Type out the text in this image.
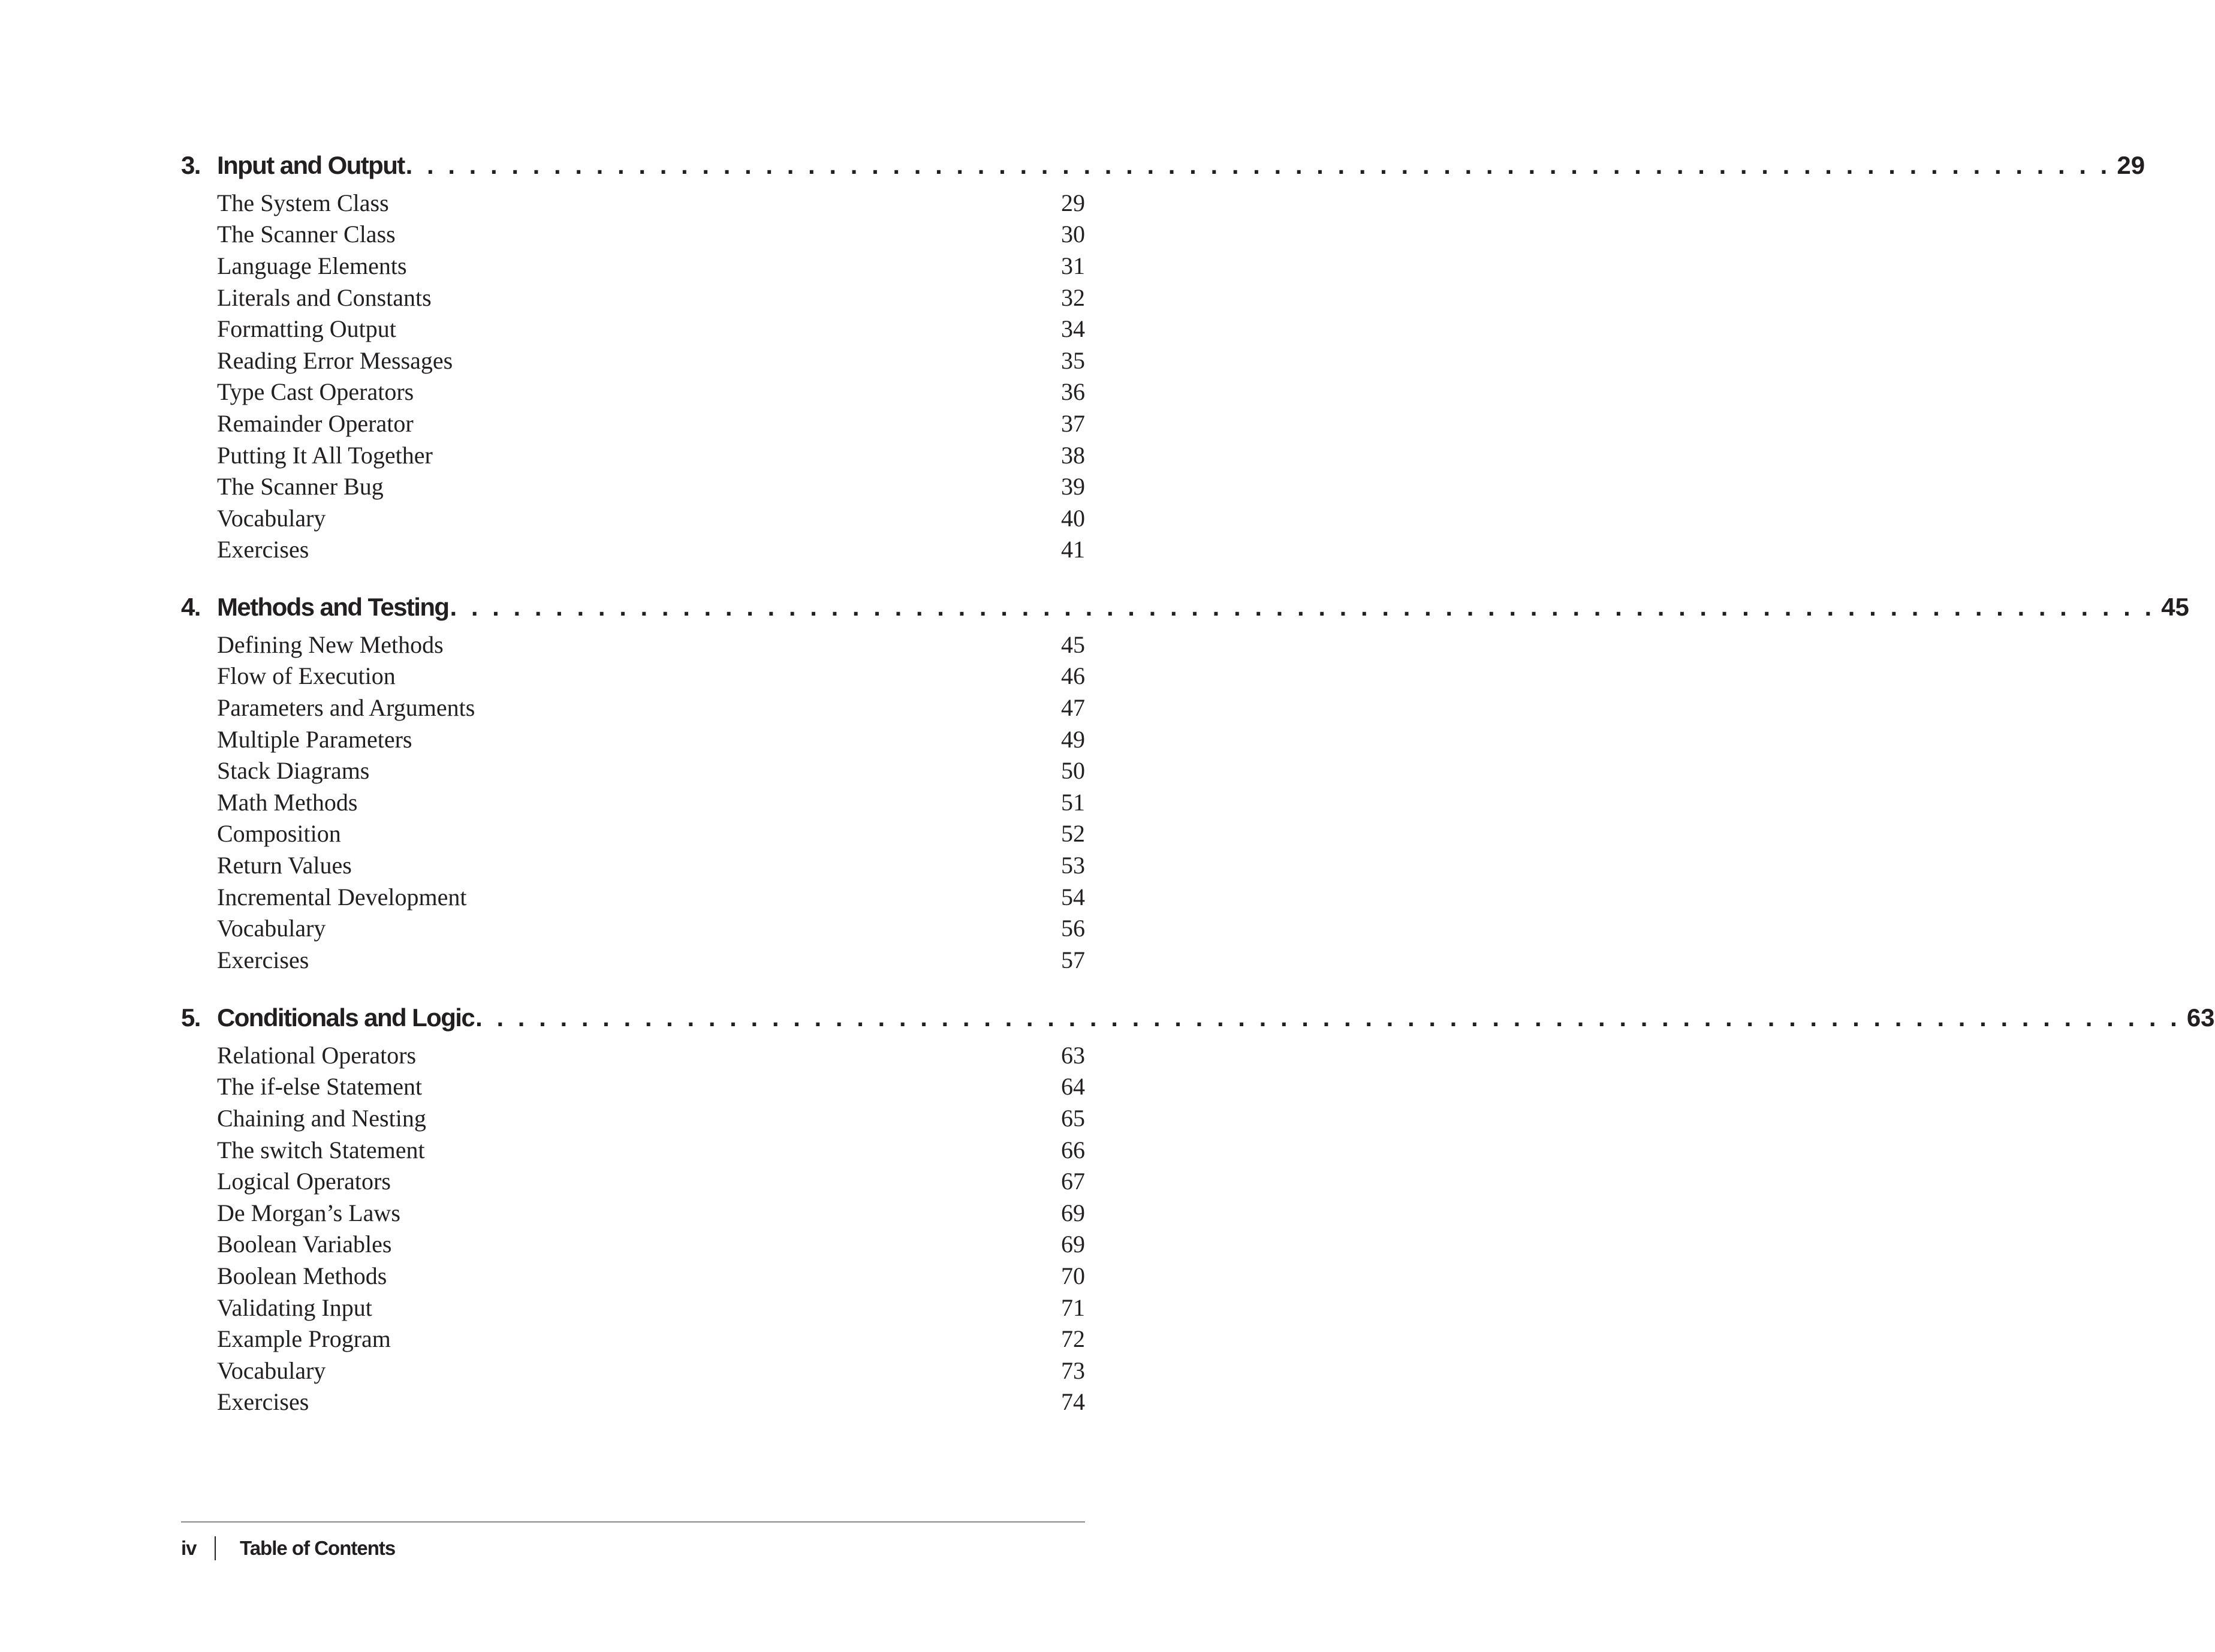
3. Input and Output . . . . . . . . . . . . . . . . . . . . . . . . . . . . . . . . . . . . . . . . . . . . . . . . . . . . . . . . . . . . . . . . . . . . . . . . . . . . . . . . . 29
The System Class	29
The Scanner Class	30
Language Elements	31
Literals and Constants	32
Formatting Output	34
Reading Error Messages	35
Type Cast Operators	36
Remainder Operator	37
Putting It All Together	38
The Scanner Bug	39
Vocabulary	40
Exercises	41
4. Methods and Testing . . . . . . . . . . . . . . . . . . . . . . . . . . . . . . . . . . . . . . . . . . . . . . . . . . . . . . . . . . . . . . . . . . . . . . . . . . . . . . . . . 45
Defining New Methods	45
Flow of Execution	46
Parameters and Arguments	47
Multiple Parameters	49
Stack Diagrams	50
Math Methods	51
Composition	52
Return Values	53
Incremental Development	54
Vocabulary	56
Exercises	57
5. Conditionals and Logic . . . . . . . . . . . . . . . . . . . . . . . . . . . . . . . . . . . . . . . . . . . . . . . . . . . . . . . . . . . . . . . . . . . . . . . . . . . . . . . . . 63
Relational Operators	63
The if-else Statement	64
Chaining and Nesting	65
The switch Statement	66
Logical Operators	67
De Morgan’s Laws	69
Boolean Variables	69
Boolean Methods	70
Validating Input	71
Example Program	72
Vocabulary	73
Exercises	74
iv	Table of Contents
